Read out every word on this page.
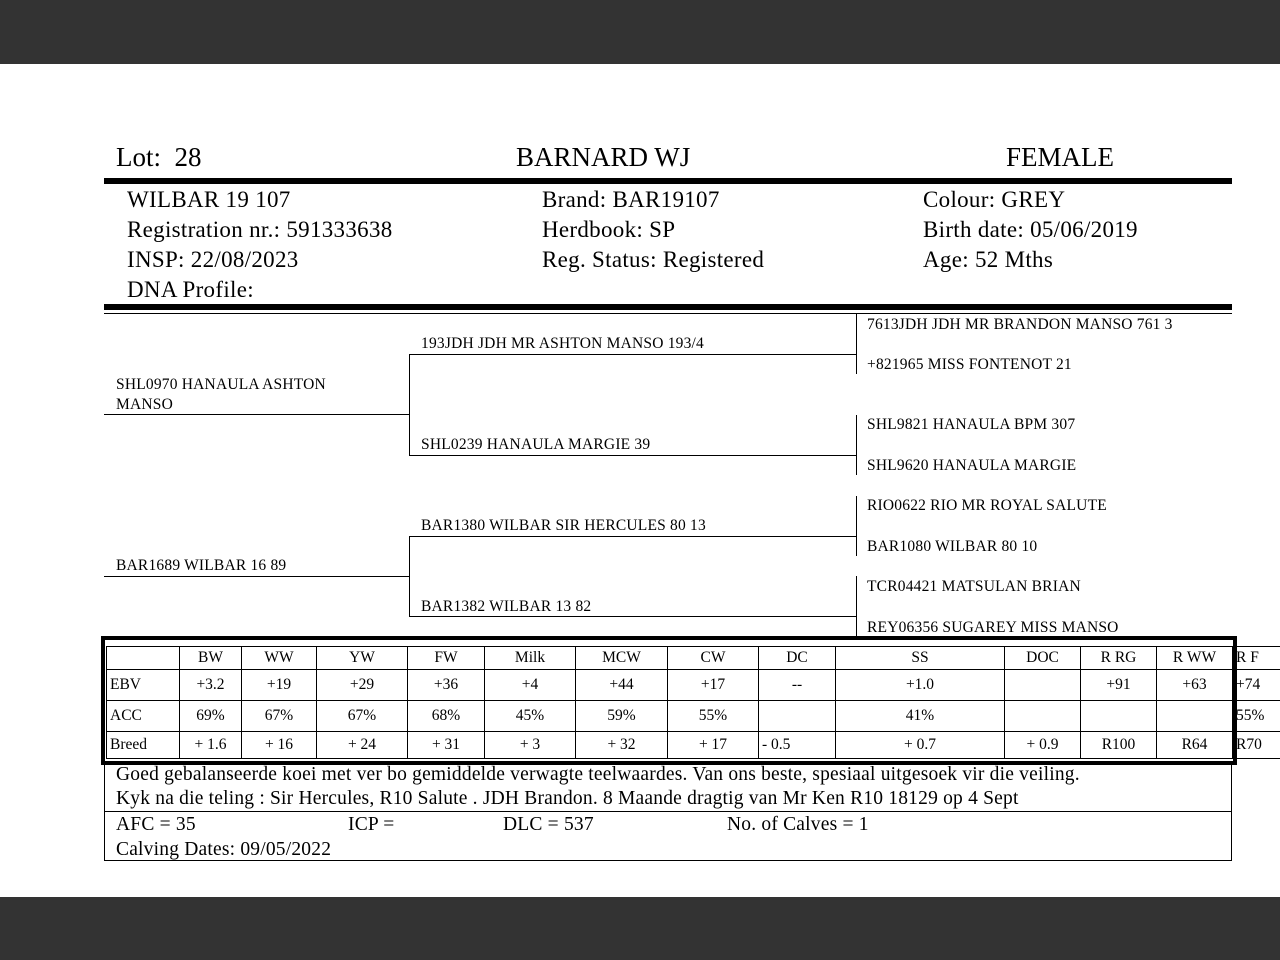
Lot: 28	BARNARD WJ	FEMALE
WILBAR 19 107
Registration nr.: 591333638
INSP: 22/08/2023
DNA Profile:
Brand: BAR19107
Herdbook: SP
Reg. Status: Registered
Colour: GREY
Birth date: 05/06/2019
Age: 52 Mths
SHL0970 HANAULA ASHTON
MANSO
BAR1689 WILBAR 16 89
193JDH JDH MR ASHTON MANSO 193/4
SHL0239 HANAULA MARGIE 39
BAR1380 WILBAR SIR HERCULES 80 13
BAR1382 WILBAR 13 82
7613JDH JDH MR BRANDON MANSO 761 3
+821965 MISS FONTENOT 21
SHL9821 HANAULA BPM 307
SHL9620 HANAULA MARGIE
RIO0622 RIO MR ROYAL SALUTE
BAR1080 WILBAR 80 10
TCR04421 MATSULAN BRIAN
REY06356 SUGAREY MISS MANSO
	BW	WW	YW	FW	Milk	MCW	CW	DC	SS	DOC	R RG	R WW	R F
EBV	+3.2	+19	+29	+36	+4	+44	+17	--	+1.0		+91	+63	+74
ACC	69%	67%	67%	68%	45%	59%	55%		41%				55%
Breed	+ 1.6	+ 16	+ 24	+ 31	+ 3	+ 32	+ 17	- 0.5	+ 0.7	+ 0.9	R100	R64	R70
Goed gebalanseerde koei met ver bo gemiddelde verwagte teelwaardes. Van ons beste, spesiaal uitgesoek vir die veiling.
Kyk na die teling : Sir Hercules, R10 Salute . JDH Brandon. 8 Maande dragtig van Mr Ken R10 18129 op 4 Sept
AFC = 35	ICP =	DLC = 537	No. of Calves = 1
Calving Dates: 09/05/2022
